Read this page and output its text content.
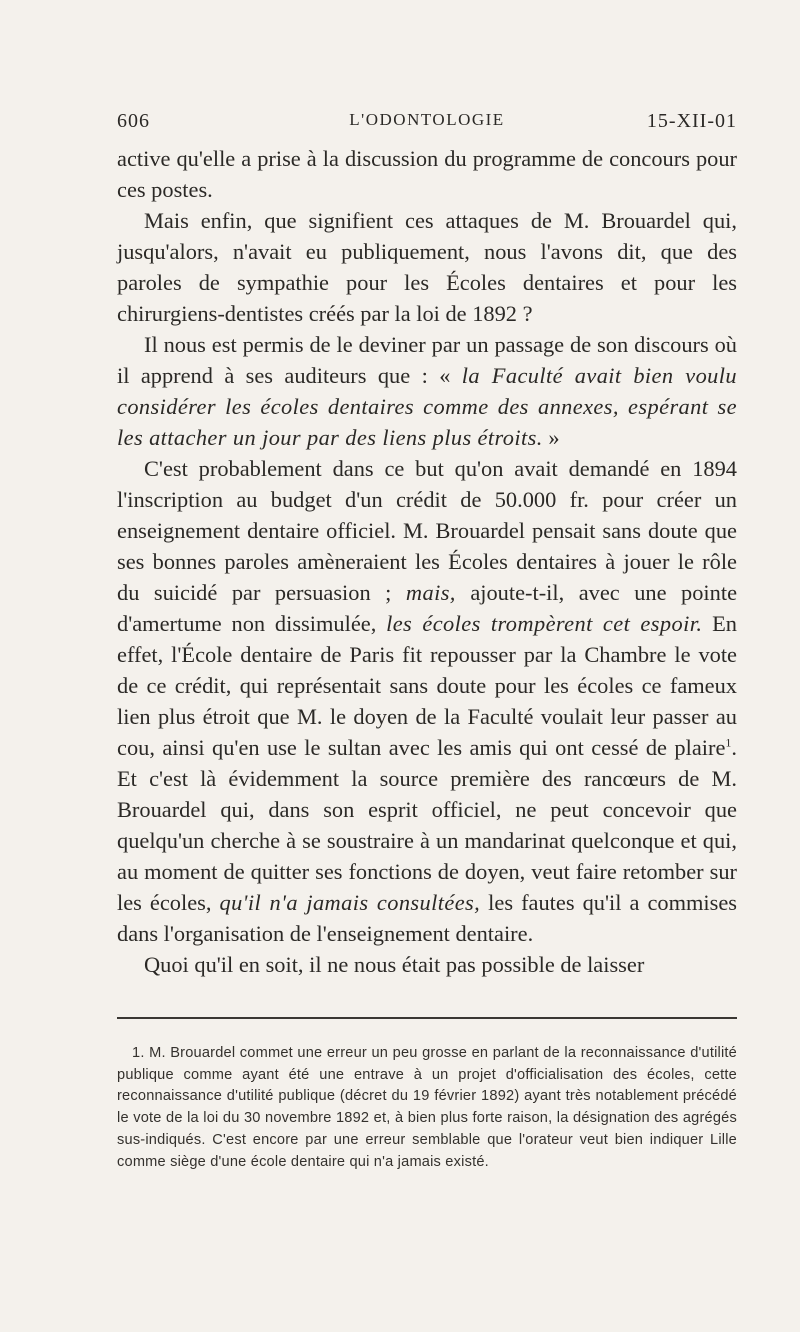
606	L'ODONTOLOGIE	15-XII-01

active qu'elle a prise à la discussion du programme de concours pour ces postes.

Mais enfin, que signifient ces attaques de M. Brouardel qui, jusqu'alors, n'avait eu publiquement, nous l'avons dit, que des paroles de sympathie pour les Écoles dentaires et pour les chirurgiens-dentistes créés par la loi de 1892 ?

Il nous est permis de le deviner par un passage de son discours où il apprend à ses auditeurs que : « la Faculté avait bien voulu considérer les écoles dentaires comme des annexes, espérant se les attacher un jour par des liens plus étroits. »

C'est probablement dans ce but qu'on avait demandé en 1894 l'inscription au budget d'un crédit de 50.000 fr. pour créer un enseignement dentaire officiel. M. Brouardel pensait sans doute que ses bonnes paroles amèneraient les Écoles dentaires à jouer le rôle du suicidé par persuasion ; mais, ajoute-t-il, avec une pointe d'amertume non dissimulée, les écoles trompèrent cet espoir. En effet, l'École dentaire de Paris fit repousser par la Chambre le vote de ce crédit, qui représentait sans doute pour les écoles ce fameux lien plus étroit que M. le doyen de la Faculté voulait leur passer au cou, ainsi qu'en use le sultan avec les amis qui ont cessé de plaire$^1$. Et c'est là évidemment la source première des rancœurs de M. Brouardel qui, dans son esprit officiel, ne peut concevoir que quelqu'un cherche à se soustraire à un mandarinat quelconque et qui, au moment de quitter ses fonctions de doyen, veut faire retomber sur les écoles, qu'il n'a jamais consultées, les fautes qu'il a commises dans l'organisation de l'enseignement dentaire.

Quoi qu'il en soit, il ne nous était pas possible de laisser

1. M. Brouardel commet une erreur un peu grosse en parlant de la reconnaissance d'utilité publique comme ayant été une entrave à un projet d'officialisation des écoles, cette reconnaissance d'utilité publique (décret du 19 février 1892) ayant très notablement précédé le vote de la loi du 30 novembre 1892 et, à bien plus forte raison, la désignation des agrégés sus-indiqués. C'est encore par une erreur semblable que l'orateur veut bien indiquer Lille comme siège d'une école dentaire qui n'a jamais existé.
